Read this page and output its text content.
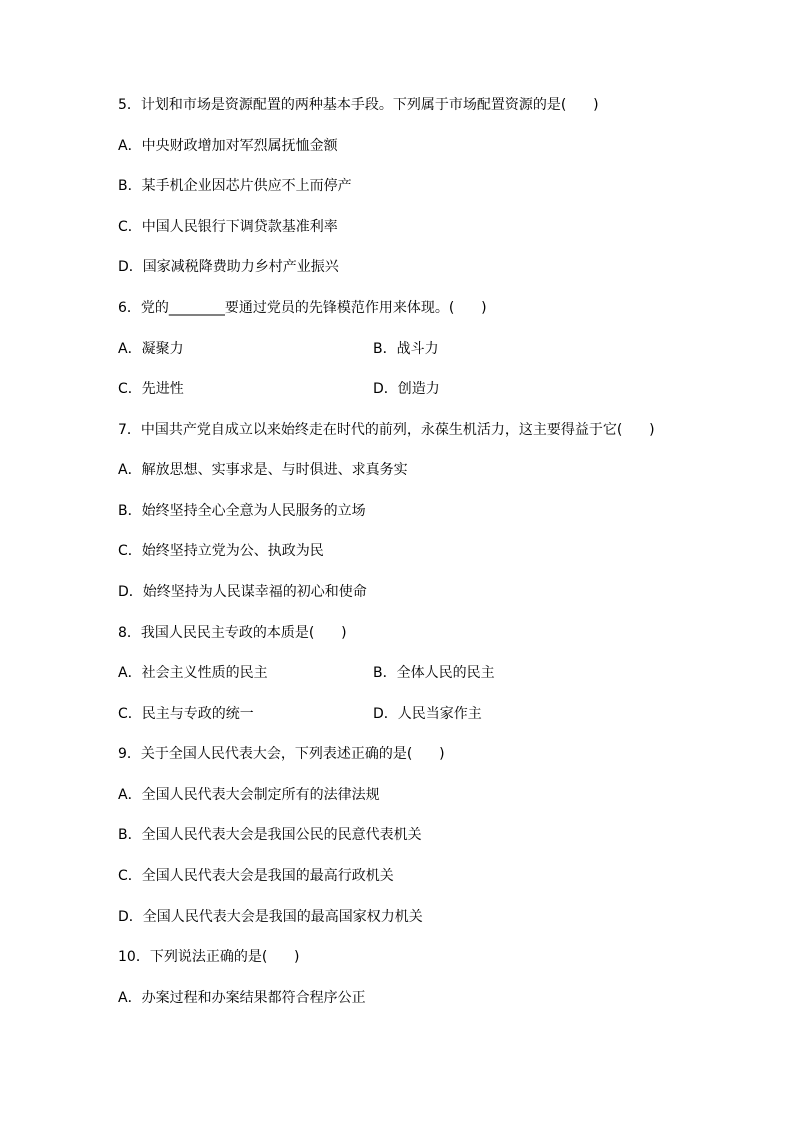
5．计划和市场是资源配置的两种基本手段。下列属于市场配置资源的是(      )
A．中央财政增加对军烈属抚恤金额
B．某手机企业因芯片供应不上而停产
C．中国人民银行下调贷款基准利率
D．国家减税降费助力乡村产业振兴
6．党的________要通过党员的先锋模范作用来体现。(      )
A．凝聚力	B．战斗力
C．先进性	D．创造力
7．中国共产党自成立以来始终走在时代的前列，永葆生机活力，这主要得益于它(      )
A．解放思想、实事求是、与时俱进、求真务实
B．始终坚持全心全意为人民服务的立场
C．始终坚持立党为公、执政为民
D．始终坚持为人民谋幸福的初心和使命
8．我国人民民主专政的本质是(      )
A．社会主义性质的民主	B．全体人民的民主
C．民主与专政的统一	D．人民当家作主
9．关于全国人民代表大会，下列表述正确的是(      )
A．全国人民代表大会制定所有的法律法规
B．全国人民代表大会是我国公民的民意代表机关
C．全国人民代表大会是我国的最高行政机关
D．全国人民代表大会是我国的最高国家权力机关
10．下列说法正确的是(      )
A．办案过程和办案结果都符合程序公正
